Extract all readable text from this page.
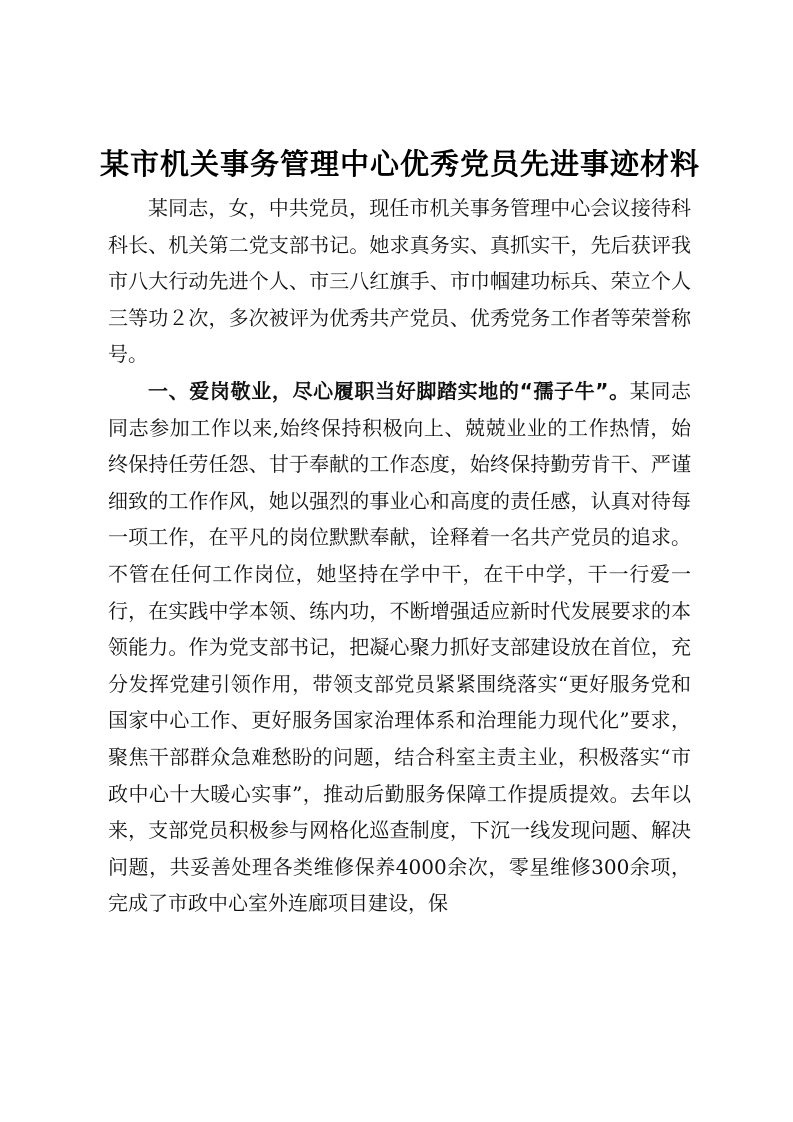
某市机关事务管理中心优秀党员先进事迹材料

某同志，女，中共党员，现任市机关事务管理中心会议接待科科长、机关第二党支部书记。她求真务实、真抓实干，先后获评我市八大行动先进个人、市三八红旗手、市巾帼建功标兵、荣立个人三等功２次，多次被评为优秀共产党员、优秀党务工作者等荣誉称号。

一、爱岗敬业，尽心履职当好脚踏实地的“孺子牛”。某同志同志参加工作以来,始终保持积极向上、兢兢业业的工作热情，始终保持任劳任怨、甘于奉献的工作态度，始终保持勤劳肯干、严谨细致的工作作风，她以强烈的事业心和高度的责任感，认真对待每一项工作，在平凡的岗位默默奉献，诠释着一名共产党员的追求。不管在任何工作岗位，她坚持在学中干，在干中学，干一行爱一行，在实践中学本领、练内功，不断增强适应新时代发展要求的本领能力。作为党支部书记，把凝心聚力抓好支部建设放在首位，充分发挥党建引领作用，带领支部党员紧紧围绕落实“更好服务党和国家中心工作、更好服务国家治理体系和治理能力现代化”要求，聚焦干部群众急难愁盼的问题，结合科室主责主业，积极落实“市政中心十大暖心实事”，推动后勤服务保障工作提质提效。去年以来，支部党员积极参与网格化巡查制度，下沉一线发现问题、解决问题，共妥善处理各类维修保养4000余次，零星维修300余项，完成了市政中心室外连廊项目建设，保
